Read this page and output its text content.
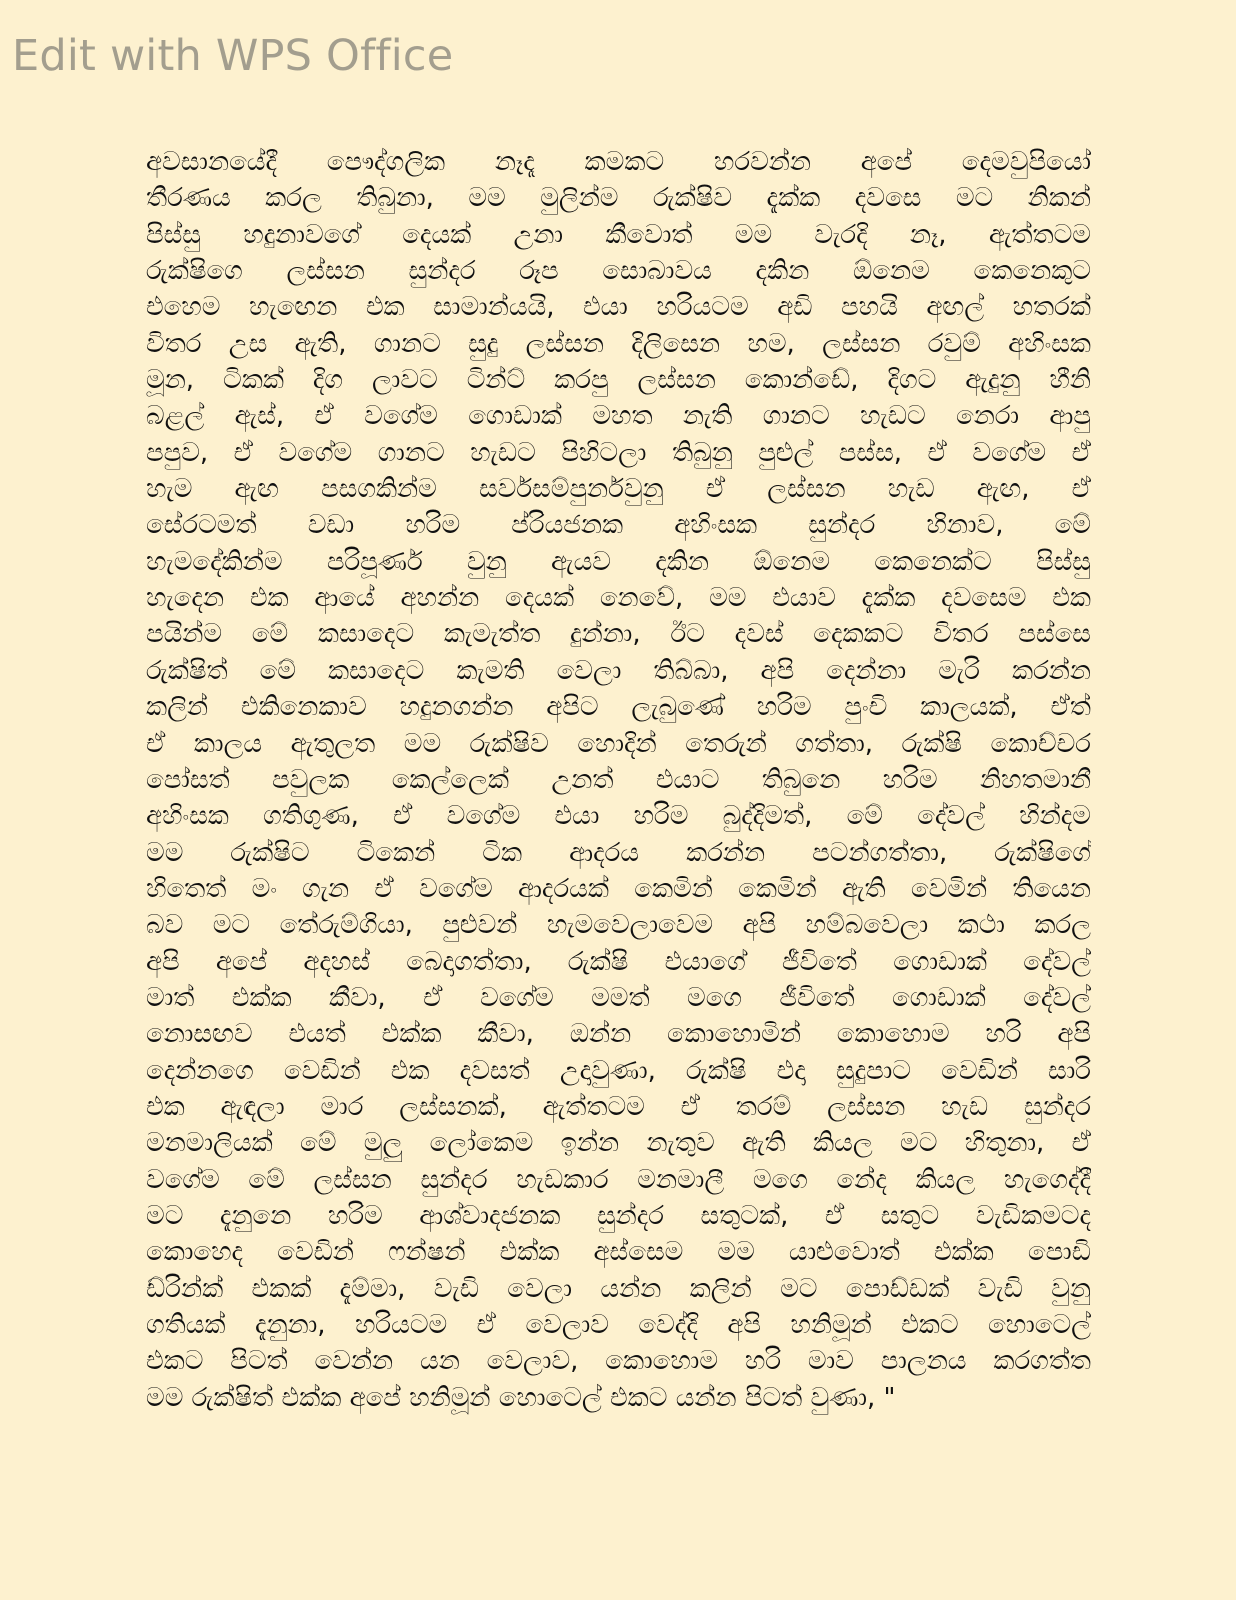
Edit with WPS Office
අවසානයේදී පෞද්ගලික නෑදෑ කමකට හරවන්න අපේ දෙමවුපියෝ
තීරණය කරල තිබුනා, මම මුලින්ම රුක්ෂිව දැක්ක දවසෙ මට නිකන්
පිස්සු හදුනාවගේ දෙයක් උනා කීවොත් මම වැරදි නෑ, ඇත්තටම
රුක්ෂිගෙ ලස්සන සුන්දර රූප සොබාවය දකින ඕනෙම කෙනෙකුට
එහෙම හැඟෙන එක සාමාන්යයි, එයා හරියටම අඩි පහයි අඟල් හතරක්
විතර උස ඇති, ගානට සුදු ලස්සන දිලිසෙන හම, ලස්සන රවුම් අහිංසක
මූන, ටිකක් දිග ලාවට ටින්ට් කරපු ලස්සන කොන්ඩේ, දිගට ඇදුනු හීනි
බළල් ඇස්, ඒ වගේම ගොඩාක් මහත නැති ගානට හැඩට නෙරා ආපු
පපුව, ඒ වගේම ගානට හැඩට පිහිටලා තිබුනු පුළුල් පස්ස, ඒ වගේම ඒ
හැම ඇඟ පසගකින්ම සර්වසම්පුර්නවුනු ඒ ලස්සන හැඩ ඇඟ, ඒ
සේරටමත් වඩා හරිම ප්රියජනක අහිංසක සුන්දර හිනාව, මේ
හැමදේකින්ම පරිපූර්ණ වුනු ඇයව දකින ඕනෙම කෙනෙක්ට පිස්සු
හැදෙන එක ආයේ අහන්න දෙයක් නෙවේ, මම එයාව දැක්ක දවසෙම එක
පයින්ම මේ කසාදෙට කැමැත්ත දුන්නා, ඊට දවස් දෙකකට විතර පස්සෙ
රුක්ෂිත් මේ කසාදෙට කැමති වෙලා තිබ්බා, අපි දෙන්නා මැරි කරන්න
කලින් එකිනෙකාව හදුනගන්න අපිට ලැබුණේ හරිම පුංචි කාලයක්, ඒත්
ඒ කාලය ඇතුලත මම රුක්ෂිව හොදින් තෙරුන් ගත්තා, රුක්ෂි කොච්චර
පෝසත් පවුලක කෙල්ලෙක් උනත් එයාට තිබුනෙ හරිම නිහතමානී
අහිංසක ගතිගුණ, ඒ වගේම එයා හරිම බුද්දිමත්, මේ දේවල් හින්දම
මම රුක්ෂිට ටිකෙන් ටික ආදරය කරන්න පටන්ගත්තා, රුක්ෂිගේ
හිතෙත් මං ගැන ඒ වගේම ආදරයක් කෙමින් කෙමින් ඇති වෙමින් තියෙන
බව මට තේරුම්ගියා, පුළුවන් හැමවෙලාවෙම අපි හම්බවෙලා කථා කරල
අපි අපේ අදහස් බෙදාගත්තා, රුක්ෂි එයාගේ ජීවිතේ ගොඩාක් දේවල්
මාත් එක්ක කීවා, ඒ වගේම මමත් මගෙ ජීවිතේ ගොඩාක් දේවල්
නොසඟව එයත් එක්ක කීවා, ඔන්න කොහොමින් කොහොම හරි අපි
දෙන්නගෙ වෙඩින් එක දවසත් උදාවුණා, රුක්ෂි එදා සුදුපාට වෙඩින් සාරි
එක ඇඳලා මාර ලස්සනක්, ඇත්තටම ඒ තරම් ලස්සන හැඩ සුන්දර
මනමාලියක් මේ මුලු ලෝකෙම ඉන්න නැතුව ඇති කියල මට හිතුනා, ඒ
වගේම මේ ලස්සන සුන්දර හැඩකාර මනමාලී මගෙ නේද කියල හැගෙද්දී
මට දැනුනෙ හරිම ආශ්වාදජනක සුන්දර සතුටක්, ඒ සතුට වැඩිකමටද
කොහෙද වෙඩින් ෆන්ෂන් එක්ක අස්සෙම මම යාළුවොත් එක්ක පොඩි
ඩ්රින්ක් එකක් දැම්මා, වැඩි වෙලා යන්න කලින් මට පොඩ්ඩක් වැඩි වුනු
ගතියක් දැනුනා, හරියටම ඒ වෙලාව වෙද්දි අපි හනිමූන් එකට හොටෙල්
එකට පිටත් වෙන්න යන වෙලාව, කොහොම හරි මාව පාලනය කරගත්ත
මම රුක්ෂිත් එක්ක අපේ හනිමූන් හොටෙල් එකට යන්න පිටත් වුණා, "
